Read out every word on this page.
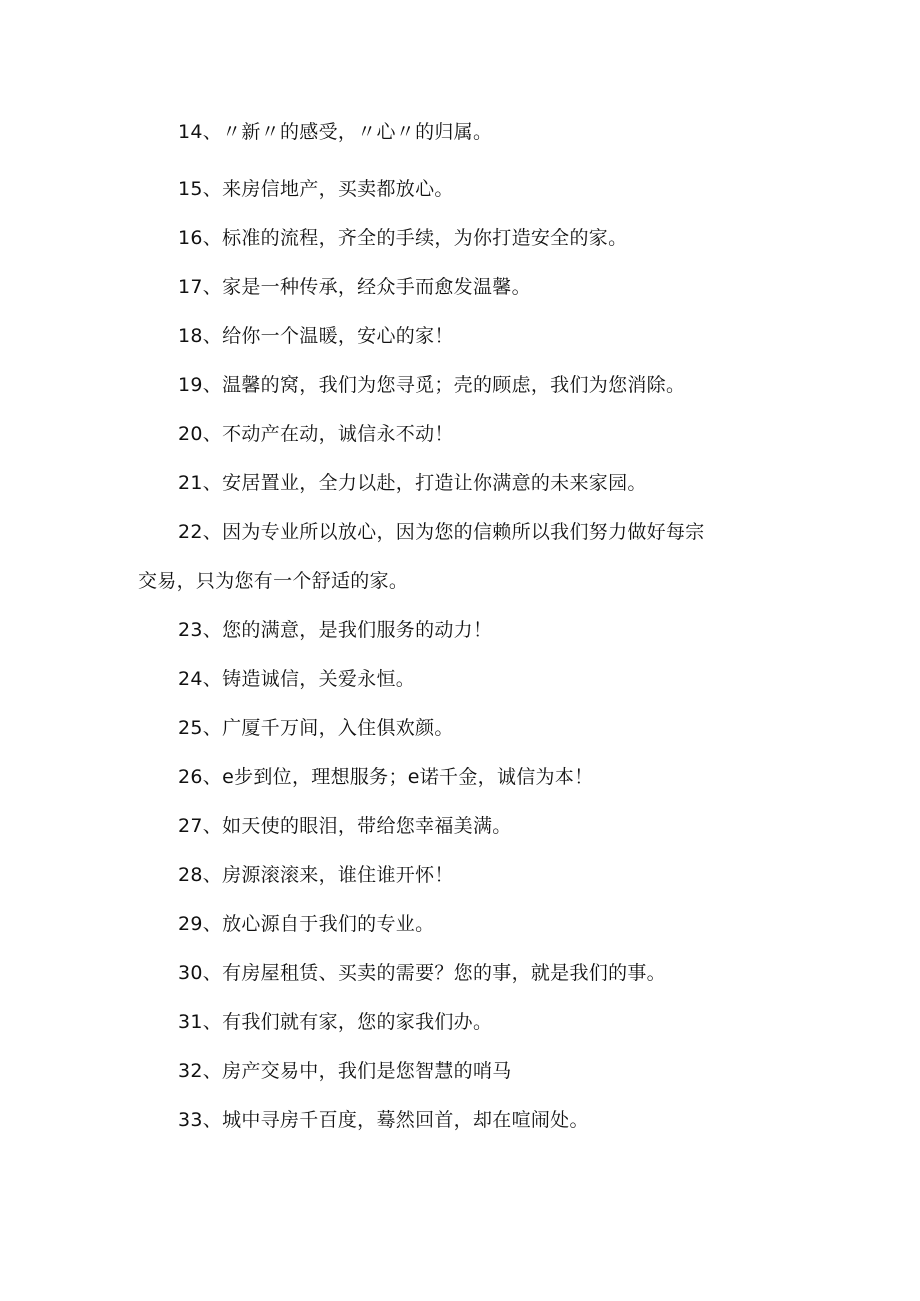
14、〃新〃的感受，〃心〃的归属。
15、来房信地产，买卖都放心。
16、标准的流程，齐全的手续，为你打造安全的家。
17、家是一种传承，经众手而愈发温馨。
18、给你一个温暖，安心的家！
19、温馨的窝，我们为您寻觅；壳的顾虑，我们为您消除。
20、不动产在动，诚信永不动！
21、安居置业，全力以赴，打造让你满意的未来家园。
22、因为专业所以放心，因为您的信赖所以我们努力做好每宗
交易，只为您有一个舒适的家。
23、您的满意，是我们服务的动力！
24、铸造诚信，关爱永恒。
25、广厦千万间，入住俱欢颜。
26、e步到位，理想服务；e诺千金，诚信为本！
27、如天使的眼泪，带给您幸福美满。
28、房源滚滚来，谁住谁开怀！
29、放心源自于我们的专业。
30、有房屋租赁、买卖的需要？您的事，就是我们的事。
31、有我们就有家，您的家我们办。
32、房产交易中，我们是您智慧的哨马
33、城中寻房千百度，蓦然回首，却在喧闹处。
